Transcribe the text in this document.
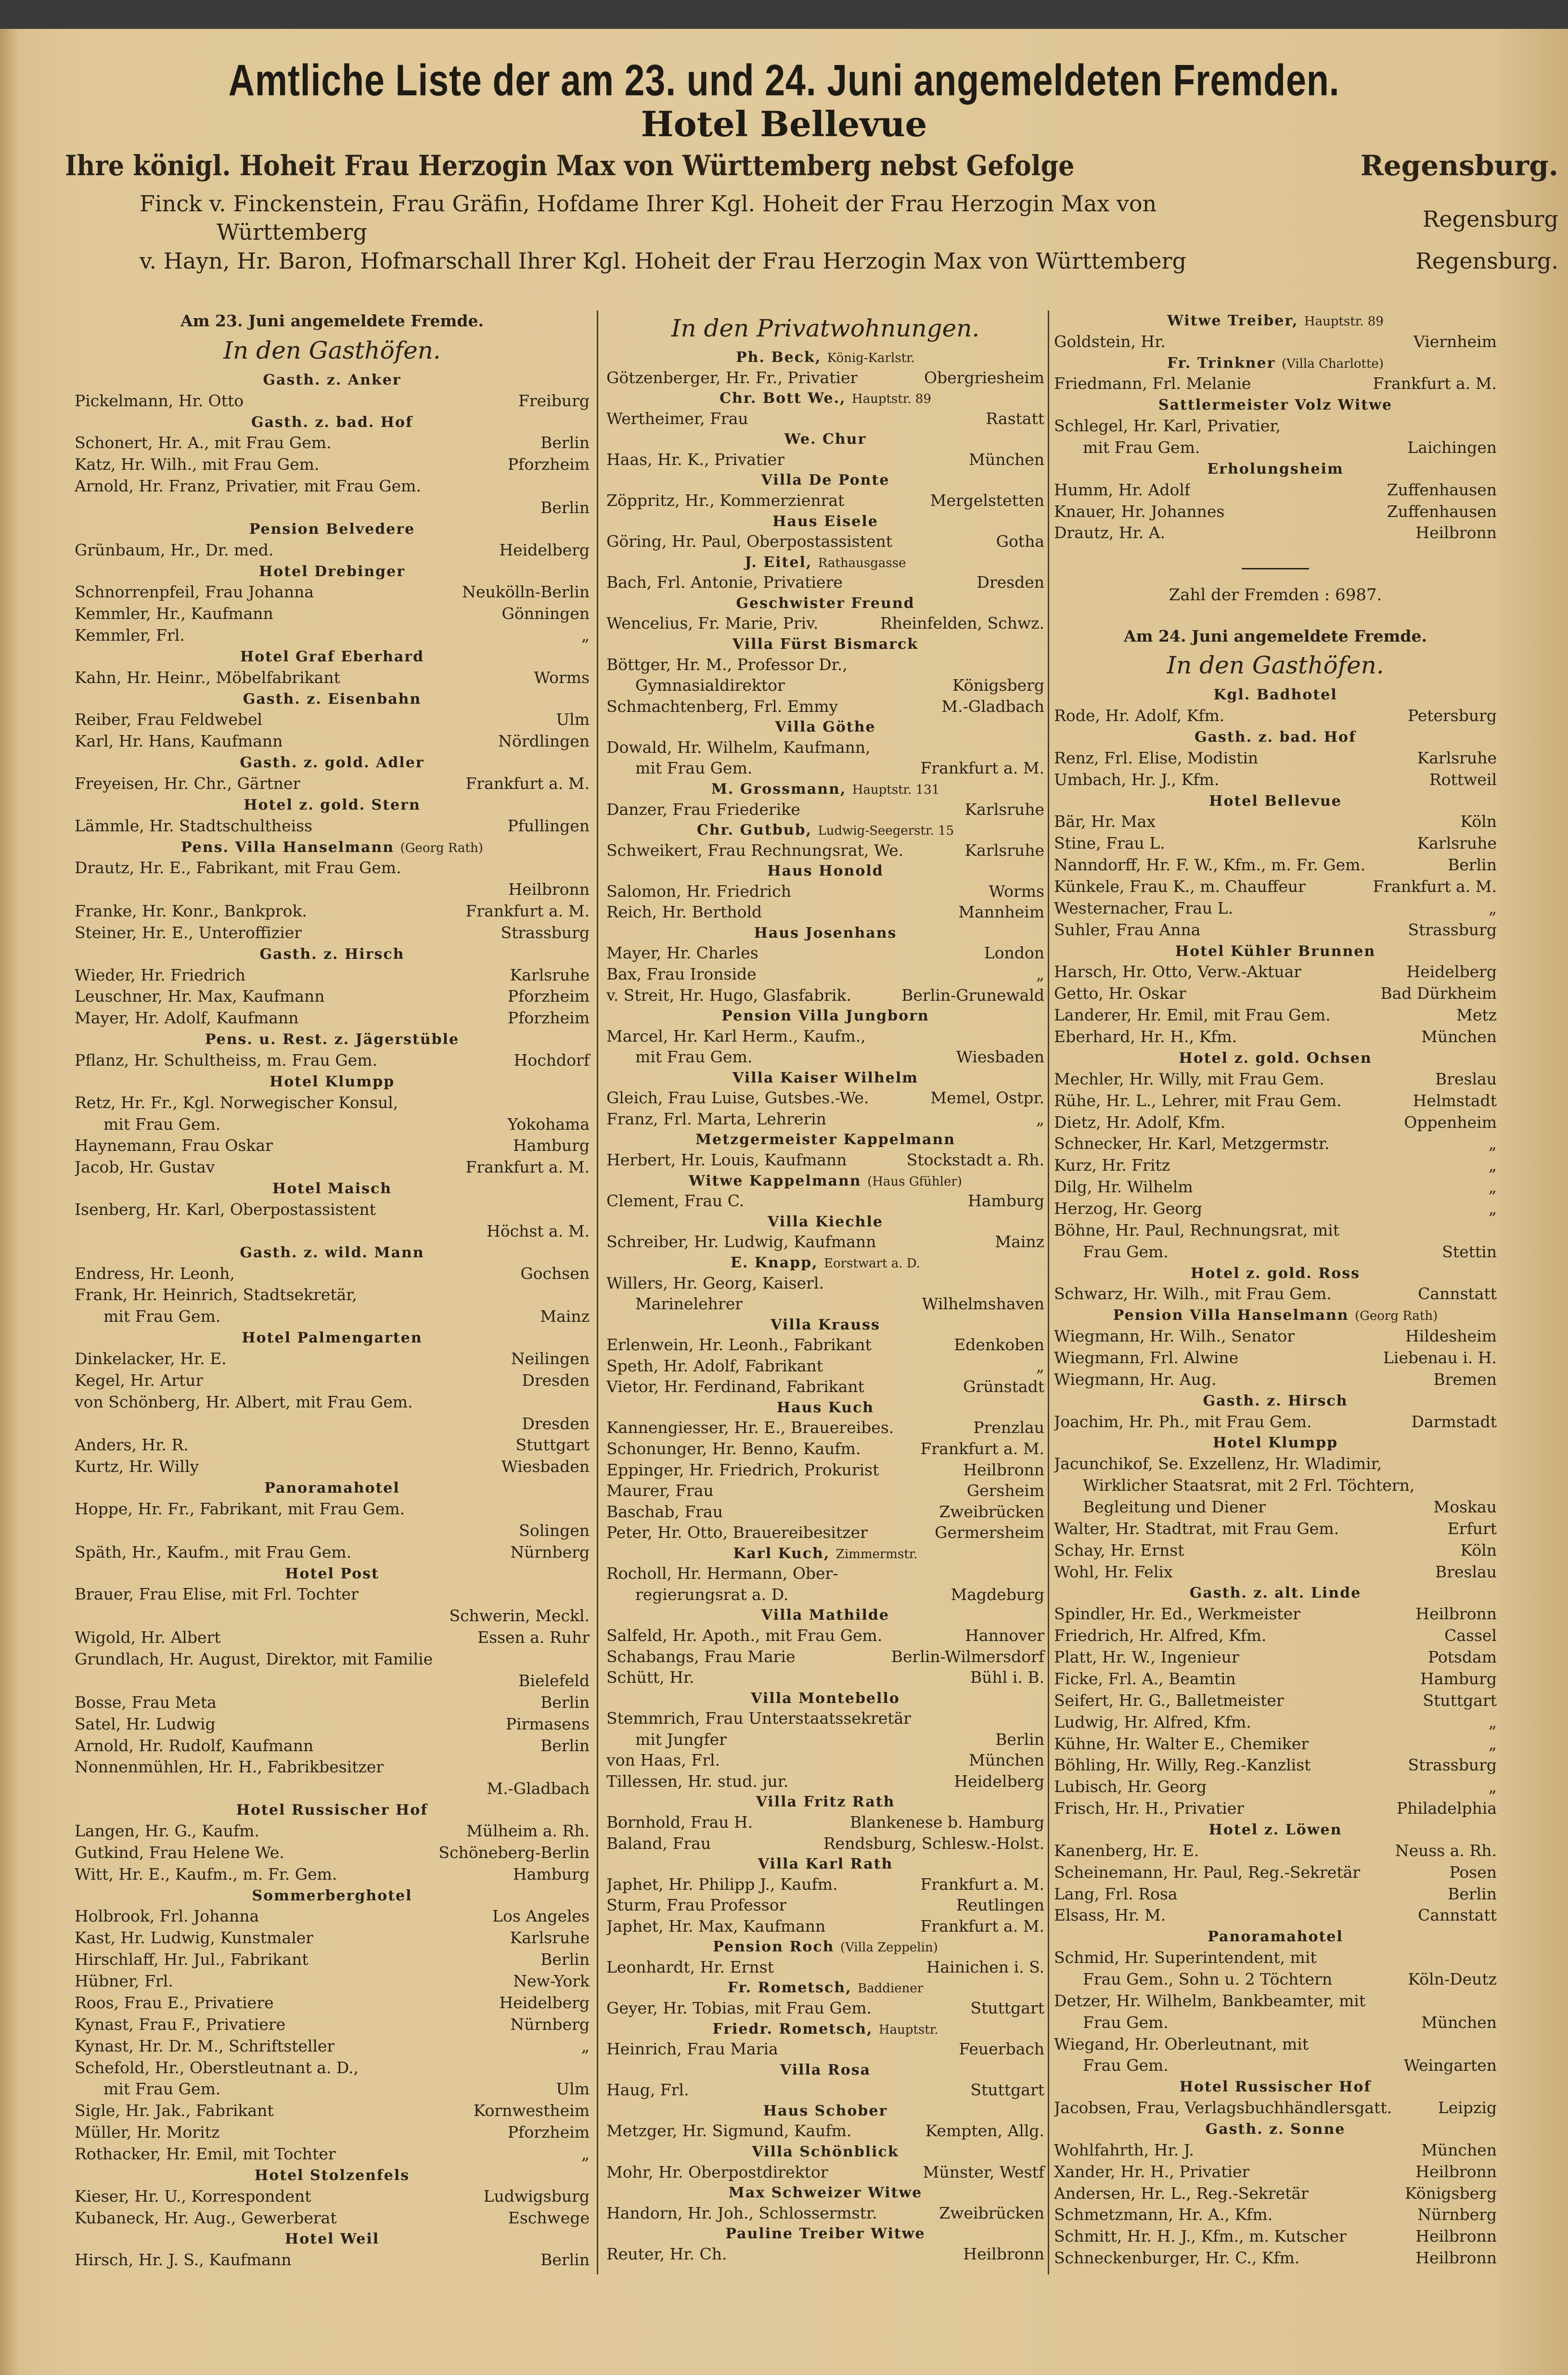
Amtliche Liste der am 23. und 24. Juni angemeldeten Fremden.
Hotel Bellevue
Ihre königl. Hoheit Frau Herzogin Max von Württemberg nebst Gefolge	Regensburg.
Finck v. Finckenstein, Frau Gräfin, Hofdame Ihrer Kgl. Hoheit der Frau Herzogin Max von
Württemberg	Regensburg
v. Hayn, Hr. Baron, Hofmarschall Ihrer Kgl. Hoheit der Frau Herzogin Max von Württemberg	Regensburg.
Am 23. Juni angemeldete Fremde.
In den Gasthöfen.
Gasth. z. Anker
Pickelmann, Hr. Otto	Freiburg
Gasth. z. bad. Hof
Schonert, Hr. A., mit Frau Gem.	Berlin
Katz, Hr. Wilh., mit Frau Gem.	Pforzheim
Arnold, Hr. Franz, Privatier, mit Frau Gem.
Berlin
Pension Belvedere
Grünbaum, Hr., Dr. med.	Heidelberg
Hotel Drebinger
Schnorrenpfeil, Frau Johanna	Neukölln-Berlin
Kemmler, Hr., Kaufmann	Gönningen
Kemmler, Frl.	„
Hotel Graf Eberhard
Kahn, Hr. Heinr., Möbelfabrikant	Worms
Gasth. z. Eisenbahn
Reiber, Frau Feldwebel	Ulm
Karl, Hr. Hans, Kaufmann	Nördlingen
Gasth. z. gold. Adler
Freyeisen, Hr. Chr., Gärtner	Frankfurt a. M.
Hotel z. gold. Stern
Lämmle, Hr. Stadtschultheiss	Pfullingen
Pens. Villa Hanselmann (Georg Rath)
Drautz, Hr. E., Fabrikant, mit Frau Gem.
Heilbronn
Franke, Hr. Konr., Bankprok.	Frankfurt a. M.
Steiner, Hr. E., Unteroffizier	Strassburg
Gasth. z. Hirsch
Wieder, Hr. Friedrich	Karlsruhe
Leuschner, Hr. Max, Kaufmann	Pforzheim
Mayer, Hr. Adolf, Kaufmann	Pforzheim
Pens. u. Rest. z. Jägerstüble
Pflanz, Hr. Schultheiss, m. Frau Gem.	Hochdorf
Hotel Klumpp
Retz, Hr. Fr., Kgl. Norwegischer Konsul,
mit Frau Gem.	Yokohama
Haynemann, Frau Oskar	Hamburg
Jacob, Hr. Gustav	Frankfurt a. M.
Hotel Maisch
Isenberg, Hr. Karl, Oberpostassistent
Höchst a. M.
Gasth. z. wild. Mann
Endress, Hr. Leonh,	Gochsen
Frank, Hr. Heinrich, Stadtsekretär,
mit Frau Gem.	Mainz
Hotel Palmengarten
Dinkelacker, Hr. E.	Neilingen
Kegel, Hr. Artur	Dresden
von Schönberg, Hr. Albert, mit Frau Gem.
Dresden
Anders, Hr. R.	Stuttgart
Kurtz, Hr. Willy	Wiesbaden
Panoramahotel
Hoppe, Hr. Fr., Fabrikant, mit Frau Gem.
Solingen
Späth, Hr., Kaufm., mit Frau Gem.	Nürnberg
Hotel Post
Brauer, Frau Elise, mit Frl. Tochter
Schwerin, Meckl.
Wigold, Hr. Albert	Essen a. Ruhr
Grundlach, Hr. August, Direktor, mit Familie
Bielefeld
Bosse, Frau Meta	Berlin
Satel, Hr. Ludwig	Pirmasens
Arnold, Hr. Rudolf, Kaufmann	Berlin
Nonnenmühlen, Hr. H., Fabrikbesitzer
M.-Gladbach
Hotel Russischer Hof
Langen, Hr. G., Kaufm.	Mülheim a. Rh.
Gutkind, Frau Helene We.	Schöneberg-Berlin
Witt, Hr. E., Kaufm., m. Fr. Gem.	Hamburg
Sommerberghotel
Holbrook, Frl. Johanna	Los Angeles
Kast, Hr. Ludwig, Kunstmaler	Karlsruhe
Hirschlaff, Hr. Jul., Fabrikant	Berlin
Hübner, Frl.	New-York
Roos, Frau E., Privatiere	Heidelberg
Kynast, Frau F., Privatiere	Nürnberg
Kynast, Hr. Dr. M., Schriftsteller	„
Schefold, Hr., Oberstleutnant a. D.,
mit Frau Gem.	Ulm
Sigle, Hr. Jak., Fabrikant	Kornwestheim
Müller, Hr. Moritz	Pforzheim
Rothacker, Hr. Emil, mit Tochter	„
Hotel Stolzenfels
Kieser, Hr. U., Korrespondent	Ludwigsburg
Kubaneck, Hr. Aug., Gewerberat	Eschwege
Hotel Weil
Hirsch, Hr. J. S., Kaufmann	Berlin
In den Privatwohnungen.
Ph. Beck, König-Karlstr.
Götzenberger, Hr. Fr., Privatier	Obergriesheim
Chr. Bott We., Hauptstr. 89
Wertheimer, Frau	Rastatt
We. Chur
Haas, Hr. K., Privatier	München
Villa De Ponte
Zöppritz, Hr., Kommerzienrat	Mergelstetten
Haus Eisele
Göring, Hr. Paul, Oberpostassistent	Gotha
J. Eitel, Rathausgasse
Bach, Frl. Antonie, Privatiere	Dresden
Geschwister Freund
Wencelius, Fr. Marie, Priv.	Rheinfelden, Schwz.
Villa Fürst Bismarck
Böttger, Hr. M., Professor Dr.,
Gymnasialdirektor	Königsberg
Schmachtenberg, Frl. Emmy	M.-Gladbach
Villa Göthe
Dowald, Hr. Wilhelm, Kaufmann,
mit Frau Gem.	Frankfurt a. M.
M. Grossmann, Hauptstr. 131
Danzer, Frau Friederike	Karlsruhe
Chr. Gutbub, Ludwig-Seegerstr. 15
Schweikert, Frau Rechnungsrat, We.	Karlsruhe
Haus Honold
Salomon, Hr. Friedrich	Worms
Reich, Hr. Berthold	Mannheim
Haus Josenhans
Mayer, Hr. Charles	London
Bax, Frau Ironside	„
v. Streit, Hr. Hugo, Glasfabrik.	Berlin-Grunewald
Pension Villa Jungborn
Marcel, Hr. Karl Herm., Kaufm.,
mit Frau Gem.	Wiesbaden
Villa Kaiser Wilhelm
Gleich, Frau Luise, Gutsbes.-We.	Memel, Ostpr.
Franz, Frl. Marta, Lehrerin	„
Metzgermeister Kappelmann
Herbert, Hr. Louis, Kaufmann	Stockstadt a. Rh.
Witwe Kappelmann (Haus Gfühler)
Clement, Frau C.	Hamburg
Villa Kiechle
Schreiber, Hr. Ludwig, Kaufmann	Mainz
E. Knapp, Eorstwart a. D.
Willers, Hr. Georg, Kaiserl.
Marinelehrer	Wilhelmshaven
Villa Krauss
Erlenwein, Hr. Leonh., Fabrikant	Edenkoben
Speth, Hr. Adolf, Fabrikant	„
Vietor, Hr. Ferdinand, Fabrikant	Grünstadt
Haus Kuch
Kannengiesser, Hr. E., Brauereibes.	Prenzlau
Schonunger, Hr. Benno, Kaufm.	Frankfurt a. M.
Eppinger, Hr. Friedrich, Prokurist	Heilbronn
Maurer, Frau	Gersheim
Baschab, Frau	Zweibrücken
Peter, Hr. Otto, Brauereibesitzer	Germersheim
Karl Kuch, Zimmermstr.
Rocholl, Hr. Hermann, Ober-
regierungsrat a. D.	Magdeburg
Villa Mathilde
Salfeld, Hr. Apoth., mit Frau Gem.	Hannover
Schabangs, Frau Marie	Berlin-Wilmersdorf
Schütt, Hr.	Bühl i. B.
Villa Montebello
Stemmrich, Frau Unterstaatssekretär
mit Jungfer	Berlin
von Haas, Frl.	München
Tillessen, Hr. stud. jur.	Heidelberg
Villa Fritz Rath
Bornhold, Frau H.	Blankenese b. Hamburg
Baland, Frau	Rendsburg, Schlesw.-Holst.
Villa Karl Rath
Japhet, Hr. Philipp J., Kaufm.	Frankfurt a. M.
Sturm, Frau Professor	Reutlingen
Japhet, Hr. Max, Kaufmann	Frankfurt a. M.
Pension Roch (Villa Zeppelin)
Leonhardt, Hr. Ernst	Hainichen i. S.
Fr. Rometsch, Baddiener
Geyer, Hr. Tobias, mit Frau Gem.	Stuttgart
Friedr. Rometsch, Hauptstr.
Heinrich, Frau Maria	Feuerbach
Villa Rosa
Haug, Frl.	Stuttgart
Haus Schober
Metzger, Hr. Sigmund, Kaufm.	Kempten, Allg.
Villa Schönblick
Mohr, Hr. Oberpostdirektor	Münster, Westf
Max Schweizer Witwe
Handorn, Hr. Joh., Schlossermstr.	Zweibrücken
Pauline Treiber Witwe
Reuter, Hr. Ch.	Heilbronn
Witwe Treiber, Hauptstr. 89
Goldstein, Hr.	Viernheim
Fr. Trinkner (Villa Charlotte)
Friedmann, Frl. Melanie	Frankfurt a. M.
Sattlermeister Volz Witwe
Schlegel, Hr. Karl, Privatier,
mit Frau Gem.	Laichingen
Erholungsheim
Humm, Hr. Adolf	Zuffenhausen
Knauer, Hr. Johannes	Zuffenhausen
Drautz, Hr. A.	Heilbronn
Zahl der Fremden : 6987.
Am 24. Juni angemeldete Fremde.
In den Gasthöfen.
Kgl. Badhotel
Rode, Hr. Adolf, Kfm.	Petersburg
Gasth. z. bad. Hof
Renz, Frl. Elise, Modistin	Karlsruhe
Umbach, Hr. J., Kfm.	Rottweil
Hotel Bellevue
Bär, Hr. Max	Köln
Stine, Frau L.	Karlsruhe
Nanndorff, Hr. F. W., Kfm., m. Fr. Gem.	Berlin
Künkele, Frau K., m. Chauffeur	Frankfurt a. M.
Westernacher, Frau L.	„
Suhler, Frau Anna	Strassburg
Hotel Kühler Brunnen
Harsch, Hr. Otto, Verw.-Aktuar	Heidelberg
Getto, Hr. Oskar	Bad Dürkheim
Landerer, Hr. Emil, mit Frau Gem.	Metz
Eberhard, Hr. H., Kfm.	München
Hotel z. gold. Ochsen
Mechler, Hr. Willy, mit Frau Gem.	Breslau
Rühe, Hr. L., Lehrer, mit Frau Gem.	Helmstadt
Dietz, Hr. Adolf, Kfm.	Oppenheim
Schnecker, Hr. Karl, Metzgermstr.	„
Kurz, Hr. Fritz	„
Dilg, Hr. Wilhelm	„
Herzog, Hr. Georg	„
Böhne, Hr. Paul, Rechnungsrat, mit
Frau Gem.	Stettin
Hotel z. gold. Ross
Schwarz, Hr. Wilh., mit Frau Gem.	Cannstatt
Pension Villa Hanselmann (Georg Rath)
Wiegmann, Hr. Wilh., Senator	Hildesheim
Wiegmann, Frl. Alwine	Liebenau i. H.
Wiegmann, Hr. Aug.	Bremen
Gasth. z. Hirsch
Joachim, Hr. Ph., mit Frau Gem.	Darmstadt
Hotel Klumpp
Jacunchikof, Se. Exzellenz, Hr. Wladimir,
Wirklicher Staatsrat, mit 2 Frl. Töchtern,
Begleitung und Diener	Moskau
Walter, Hr. Stadtrat, mit Frau Gem.	Erfurt
Schay, Hr. Ernst	Köln
Wohl, Hr. Felix	Breslau
Gasth. z. alt. Linde
Spindler, Hr. Ed., Werkmeister	Heilbronn
Friedrich, Hr. Alfred, Kfm.	Cassel
Platt, Hr. W., Ingenieur	Potsdam
Ficke, Frl. A., Beamtin	Hamburg
Seifert, Hr. G., Balletmeister	Stuttgart
Ludwig, Hr. Alfred, Kfm.	„
Kühne, Hr. Walter E., Chemiker	„
Böhling, Hr. Willy, Reg.-Kanzlist	Strassburg
Lubisch, Hr. Georg	„
Frisch, Hr. H., Privatier	Philadelphia
Hotel z. Löwen
Kanenberg, Hr. E.	Neuss a. Rh.
Scheinemann, Hr. Paul, Reg.-Sekretär	Posen
Lang, Frl. Rosa	Berlin
Elsass, Hr. M.	Cannstatt
Panoramahotel
Schmid, Hr. Superintendent, mit
Frau Gem., Sohn u. 2 Töchtern	Köln-Deutz
Detzer, Hr. Wilhelm, Bankbeamter, mit
Frau Gem.	München
Wiegand, Hr. Oberleutnant, mit
Frau Gem.	Weingarten
Hotel Russischer Hof
Jacobsen, Frau, Verlagsbuchhändlersgatt.	Leipzig
Gasth. z. Sonne
Wohlfahrth, Hr. J.	München
Xander, Hr. H., Privatier	Heilbronn
Andersen, Hr. L., Reg.-Sekretär	Königsberg
Schmetzmann, Hr. A., Kfm.	Nürnberg
Schmitt, Hr. H. J., Kfm., m. Kutscher	Heilbronn
Schneckenburger, Hr. C., Kfm.	Heilbronn
